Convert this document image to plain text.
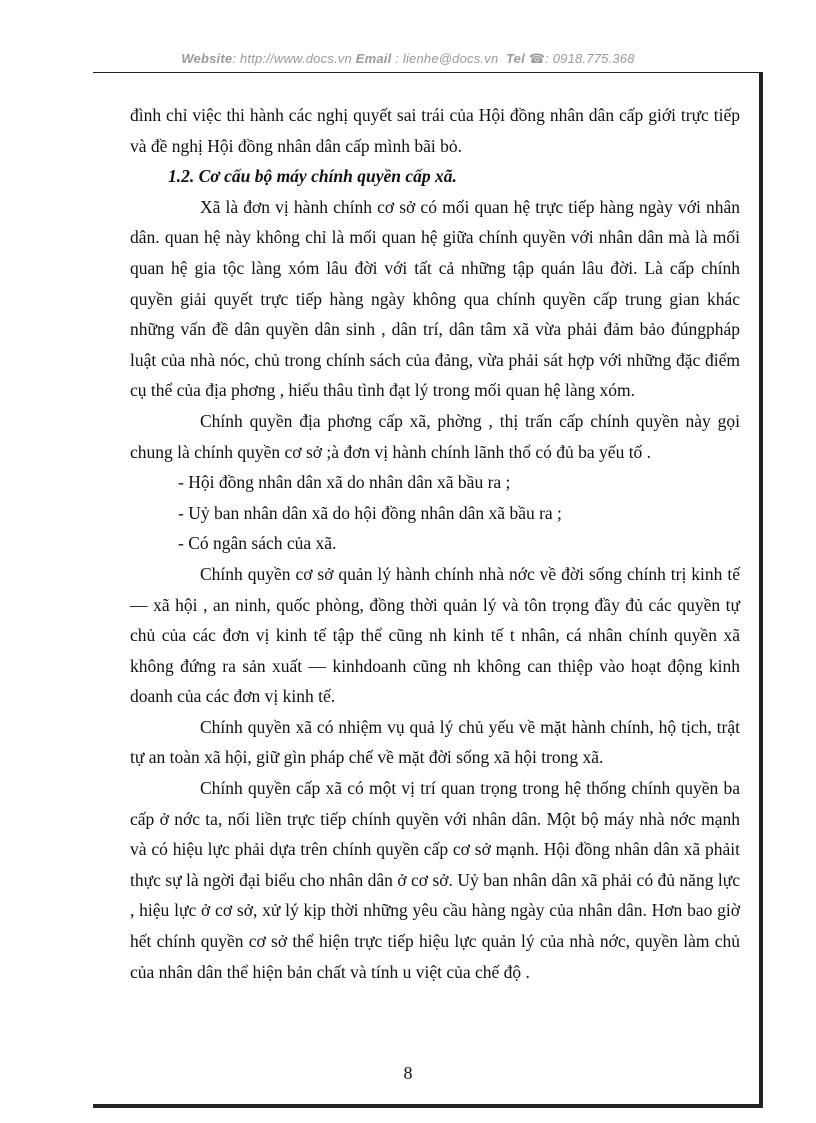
Website: http://www.docs.vn Email : lienhe@docs.vn Tel ☎: 0918.775.368

đình chỉ việc thi hành các nghị quyết sai trái của Hội đồng nhân dân cấp giới trực tiếp và đề nghị Hội đồng nhân dân cấp mình bãi bỏ.

1.2. Cơ cấu bộ máy chính quyền cấp xã.

Xã là đơn vị hành chính cơ sở có mối quan hệ trực tiếp hàng ngày với nhân dân. quan hệ này không chỉ là mối quan hệ giữa chính quyền với nhân dân mà là mối quan hệ gia tộc làng xóm lâu đời với tất cả những tập quán lâu đời. Là cấp chính quyền giải quyết trực tiếp hàng ngày không qua chính quyền cấp trung gian khác những vấn đề dân quyền dân sinh , dân trí, dân tâm xã vừa phải đảm bảo đúngpháp luật của nhà nóc, chủ trong chính sách của đảng, vừa phải sát hợp với những đặc điểm cụ thể của địa phơng , hiểu thâu tình đạt lý trong mối quan hệ làng xóm.

Chính quyền địa phơng cấp xã, phờng , thị trấn cấp chính quyền này gọi chung là chính quyền cơ sở ;à đơn vị hành chính lãnh thổ có đủ ba yếu tố .

- Hội đồng nhân dân xã do nhân dân xã bầu ra ;

- Uỷ ban nhân dân xã do hội đồng nhân dân xã bầu ra ;

- Có ngân sách của xã.

Chính quyền cơ sở quản lý hành chính nhà nớc về đời sống chính trị kinh tế — xã hội , an ninh, quốc phòng, đồng thời quản lý và tôn trọng đầy đủ các quyền tự chủ của các đơn vị kinh tế tập thể cũng nh kinh tế t nhân, cá nhân chính quyền xã không đứng ra sản xuất — kinhdoanh cũng nh không can thiệp vào hoạt động kinh doanh của các đơn vị kinh tế.

Chính quyền xã có nhiệm vụ quả lý chủ yếu về mặt hành chính, hộ tịch, trật tự an toàn xã hội, giữ gìn pháp chế về mặt đời sống xã hội trong xã.

Chính quyền cấp xã có một vị trí quan trọng trong hệ thống chính quyền ba cấp ở nớc ta, nối liền trực tiếp chính quyền với nhân dân. Một bộ máy nhà nớc mạnh và có hiệu lực phải dựa trên chính quyền cấp cơ sở mạnh. Hội đồng nhân dân xã phảit thực sự là ngời đại biểu cho nhân dân ở cơ sở. Uỷ ban nhân dân xã phải có đủ năng lực , hiệu lực ở cơ sở, xử lý kịp thời những yêu cầu hàng ngày của nhân dân. Hơn bao giờ hết chính quyền cơ sở thể hiện trực tiếp hiệu lực quản lý của nhà nớc, quyền làm chủ của nhân dân thể hiện bản chất và tính u việt của chế độ .

8
